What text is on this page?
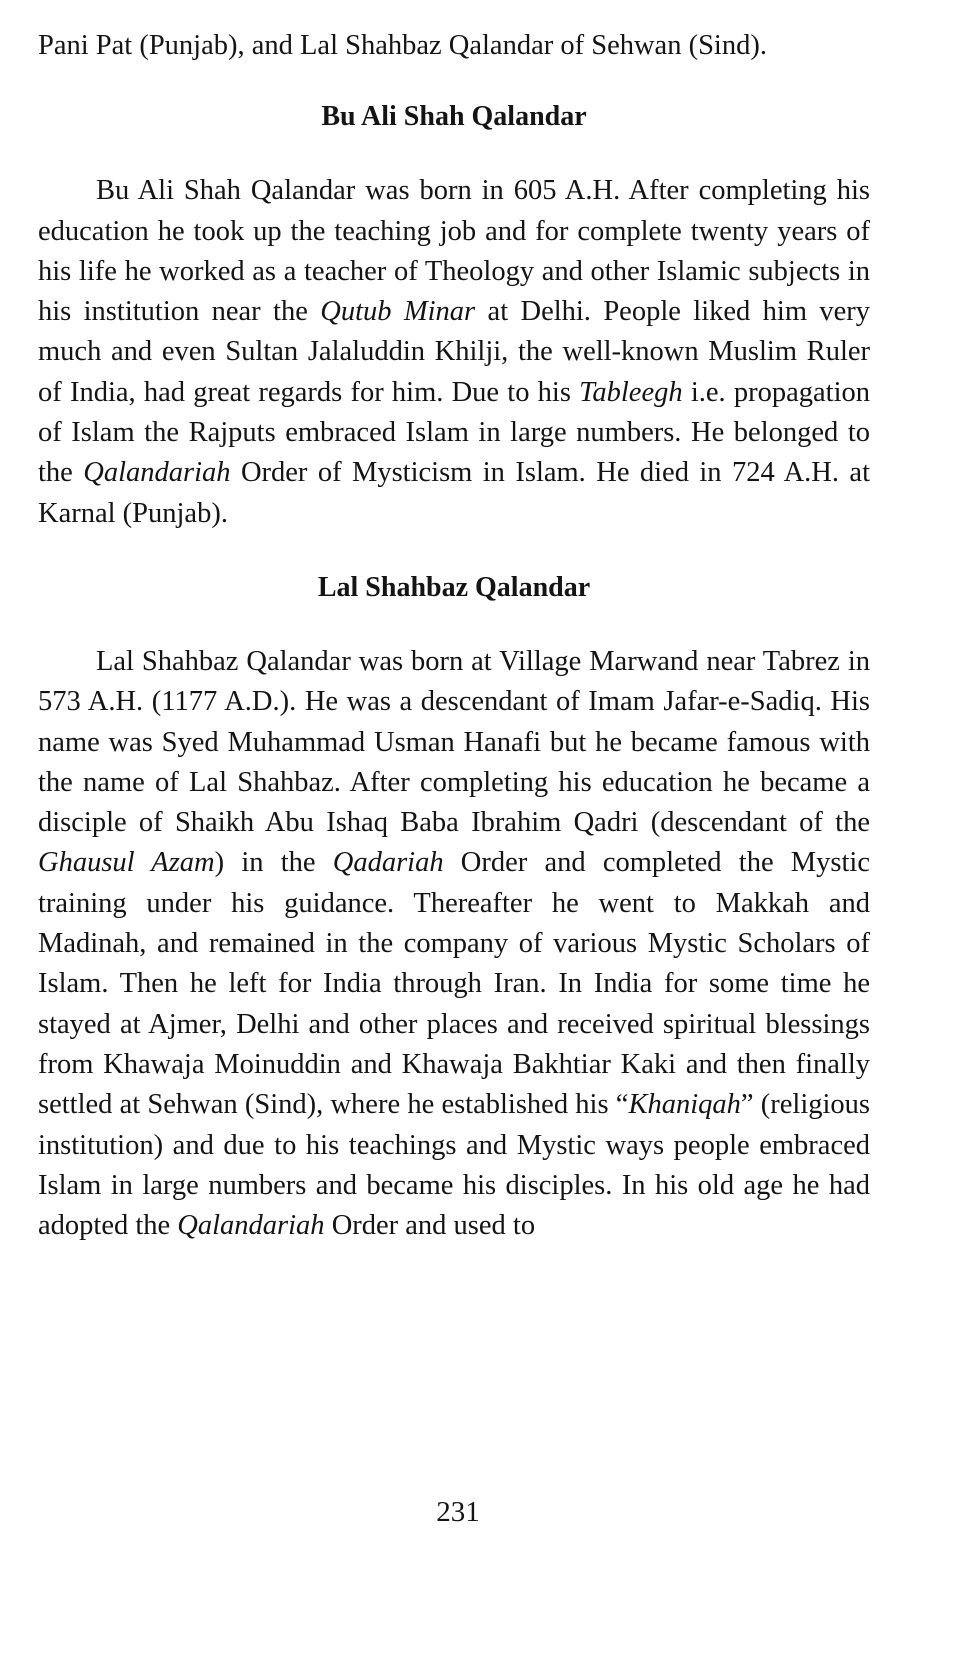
Pani Pat (Punjab), and Lal Shahbaz Qalandar of Sehwan (Sind).

Bu Ali Shah Qalandar

Bu Ali Shah Qalandar was born in 605 A.H. After completing his education he took up the teaching job and for complete twenty years of his life he worked as a teacher of Theology and other Islamic subjects in his institution near the Qutub Minar at Delhi. People liked him very much and even Sultan Jalaluddin Khilji, the well-known Muslim Ruler of India, had great regards for him. Due to his Tableegh i.e. propagation of Islam the Rajputs embraced Islam in large numbers. He belonged to the Qalandariah Order of Mysticism in Islam. He died in 724 A.H. at Karnal (Punjab).

Lal Shahbaz Qalandar

Lal Shahbaz Qalandar was born at Village Marwand near Tabrez in 573 A.H. (1177 A.D.). He was a descendant of Imam Jafar-e-Sadiq. His name was Syed Muhammad Usman Hanafi but he became famous with the name of Lal Shahbaz. After completing his education he became a disciple of Shaikh Abu Ishaq Baba Ibrahim Qadri (descendant of the Ghausul Azam) in the Qadariah Order and completed the Mystic training under his guidance. Thereafter he went to Makkah and Madinah, and remained in the company of various Mystic Scholars of Islam. Then he left for India through Iran. In India for some time he stayed at Ajmer, Delhi and other places and received spiritual blessings from Khawaja Moinuddin and Khawaja Bakhtiar Kaki and then finally settled at Sehwan (Sind), where he established his “Khaniqah” (religious institution) and due to his teachings and Mystic ways people embraced Islam in large numbers and became his disciples. In his old age he had adopted the Qalandariah Order and used to

231
